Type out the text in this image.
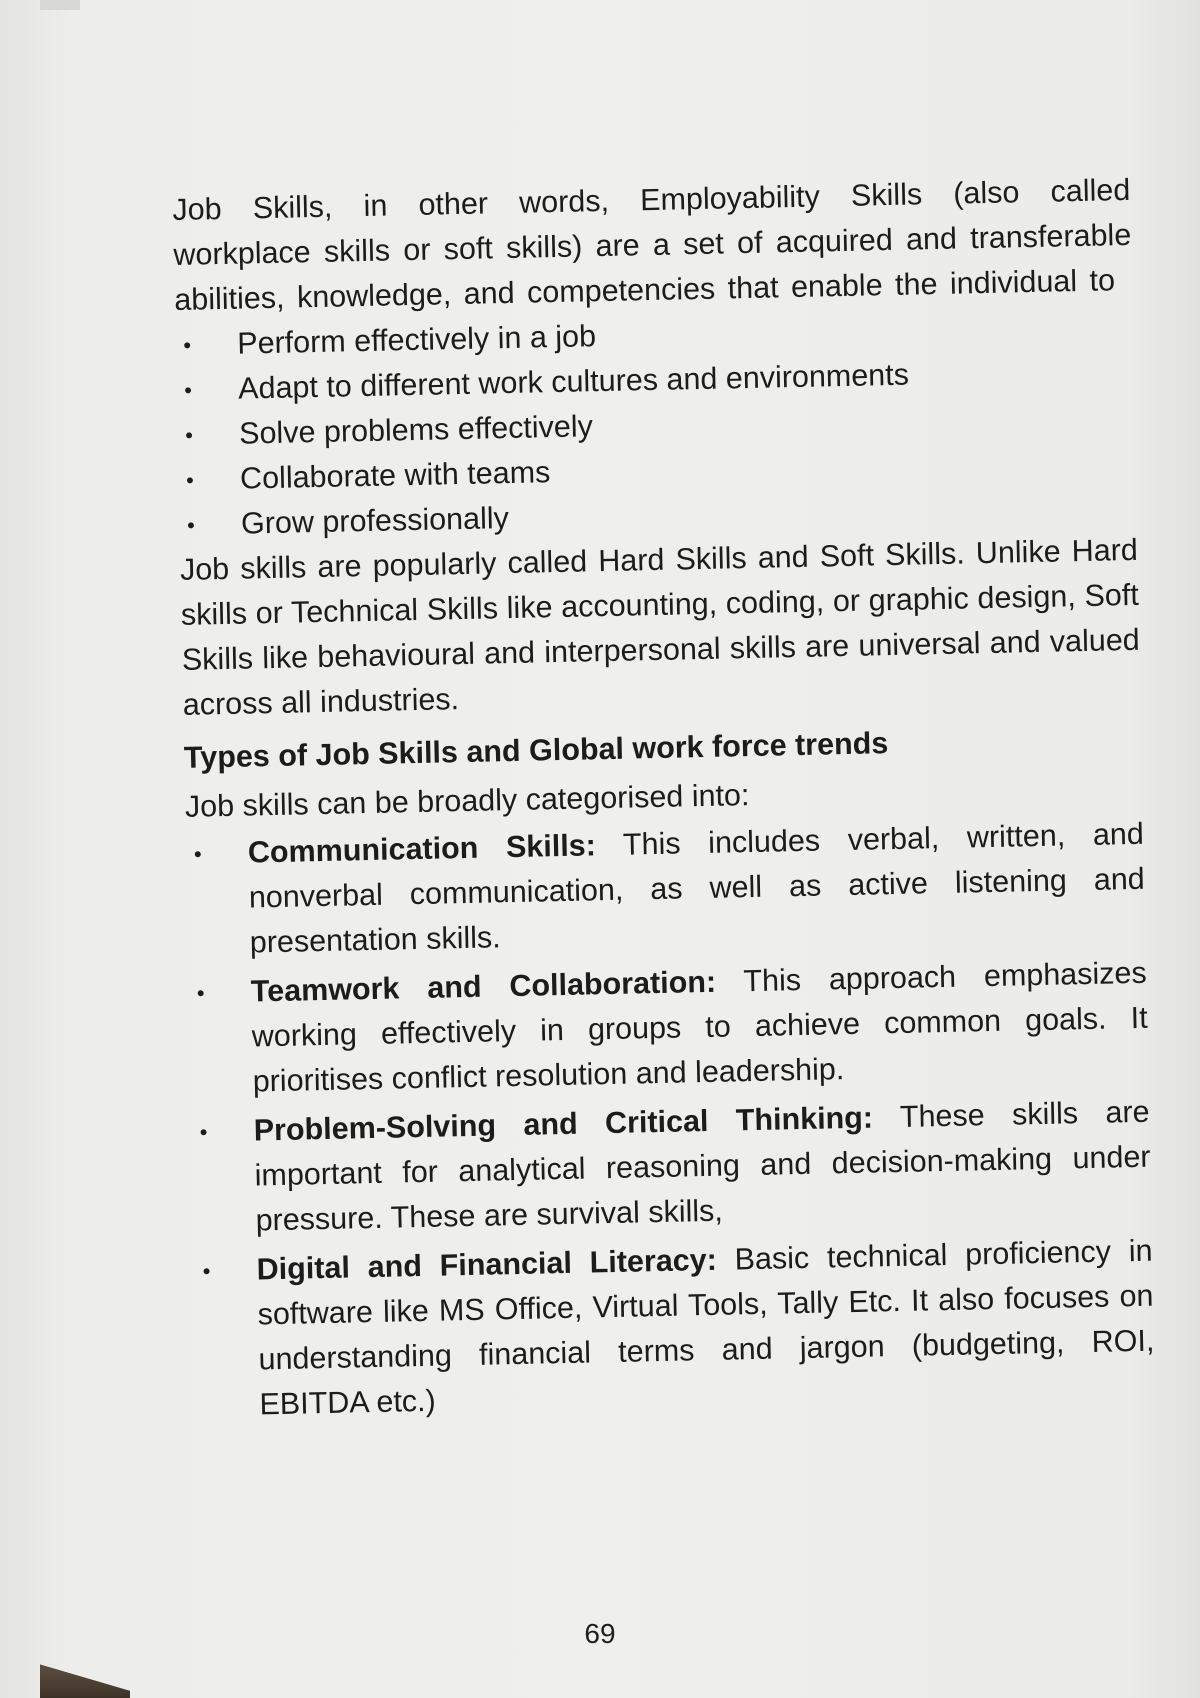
Job Skills, in other words, Employability Skills (also called workplace skills or soft skills) are a set of acquired and transferable abilities, knowledge, and competencies that enable the individual to

• Perform effectively in a job
• Adapt to different work cultures and environments
• Solve problems effectively
• Collaborate with teams
• Grow professionally

Job skills are popularly called Hard Skills and Soft Skills. Unlike Hard skills or Technical Skills like accounting, coding, or graphic design, Soft Skills like behavioural and interpersonal skills are universal and valued across all industries.

Types of Job Skills and Global work force trends

Job skills can be broadly categorised into:

• Communication Skills: This includes verbal, written, and nonverbal communication, as well as active listening and presentation skills.
• Teamwork and Collaboration: This approach emphasizes working effectively in groups to achieve common goals. It prioritises conflict resolution and leadership.
• Problem-Solving and Critical Thinking: These skills are important for analytical reasoning and decision-making under pressure. These are survival skills,
• Digital and Financial Literacy: Basic technical proficiency in software like MS Office, Virtual Tools, Tally Etc. It also focuses on understanding financial terms and jargon (budgeting, ROI, EBITDA etc.)
69
